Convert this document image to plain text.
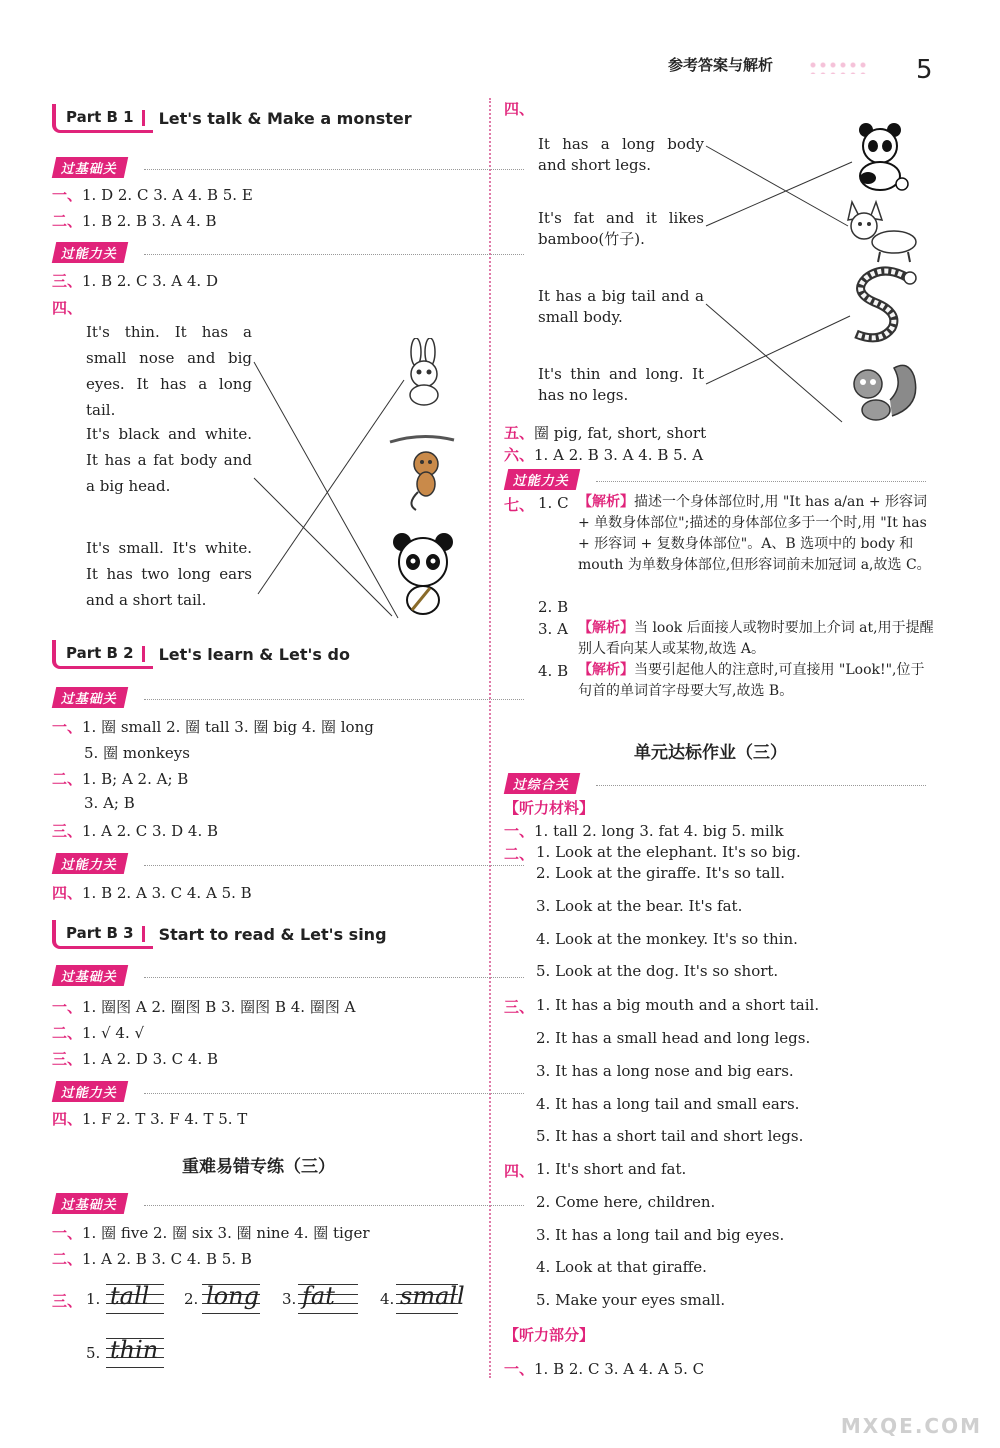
参考答案与解析	5
Part B 1	Let's talk & Make a monster
过基础关
一、1. D 2. C 3. A 4. B 5. E
二、1. B 2. B 3. A 4. B
过能力关
三、1. B 2. C 3. A 4. D
四、
It's thin. It has a small nose and big eyes. It has a long tail.
It's black and white. It has a fat body and a big head.
It's small. It's white. It has two long ears and a short tail.
Part B 2	Let's learn & Let's do
过基础关
一、1. 圈 small 2. 圈 tall 3. 圈 big 4. 圈 long
5. 圈 monkeys
二、1. B; A 2. A; B
3. A; B
三、1. A 2. C 3. D 4. B
过能力关
四、1. B 2. A 3. C 4. A 5. B
Part B 3	Start to read & Let's sing
过基础关
一、1. 圈图 A 2. 圈图 B 3. 圈图 B 4. 圈图 A
二、1. √ 4. √
三、1. A 2. D 3. C 4. B
过能力关
四、1. F 2. T 3. F 4. T 5. T
重难易错专练（三）
过基础关
一、1. 圈 five 2. 圈 six 3. 圈 nine 4. 圈 tiger
二、1. A 2. B 3. C 4. B 5. B
三、 1. tall 2. long 3. fat	4. small
5. thin
四、
It has a long body and short legs.
It's fat and it likes bamboo(竹子).
It has a big tail and a small body.
It's thin and long. It has no legs.
五、圈 pig, fat, short, short
六、1. A 2. B 3. A 4. B 5. A
过能力关
七、 1. C 【解析】描述一个身体部位时,用 "It has a/an + 形容词 + 单数身体部位";描述的身体部位多于一个时,用 "It has + 形容词 + 复数身体部位"。A、B 选项中的 body 和 mouth 为单数身体部位,但形容词前未加冠词 a,故选 C。
2. B
3. A 【解析】当 look 后面接人或物时要加上介词 at,用于提醒别人看向某人或某物,故选 A。
4. B 【解析】当要引起他人的注意时,可直接用 "Look!",位于句首的单词首字母要大写,故选 B。
单元达标作业（三）
过综合关
【听力材料】
一、1. tall 2. long 3. fat 4. big 5. milk
二、 1. Look at the elephant. It's so big.
2. Look at the giraffe. It's so tall.
3. Look at the bear. It's fat.
4. Look at the monkey. It's so thin.
5. Look at the dog. It's so short.
三、 1. It has a big mouth and a short tail.
2. It has a small head and long legs.
3. It has a long nose and big ears.
4. It has a long tail and small ears.
5. It has a short tail and short legs.
四、 1. It's short and fat.
2. Come here, children.
3. It has a long tail and big eyes.
4. Look at that giraffe.
5. Make your eyes small.
【听力部分】
一、1. B 2. C 3. A 4. A 5. C
MXQE.COM
